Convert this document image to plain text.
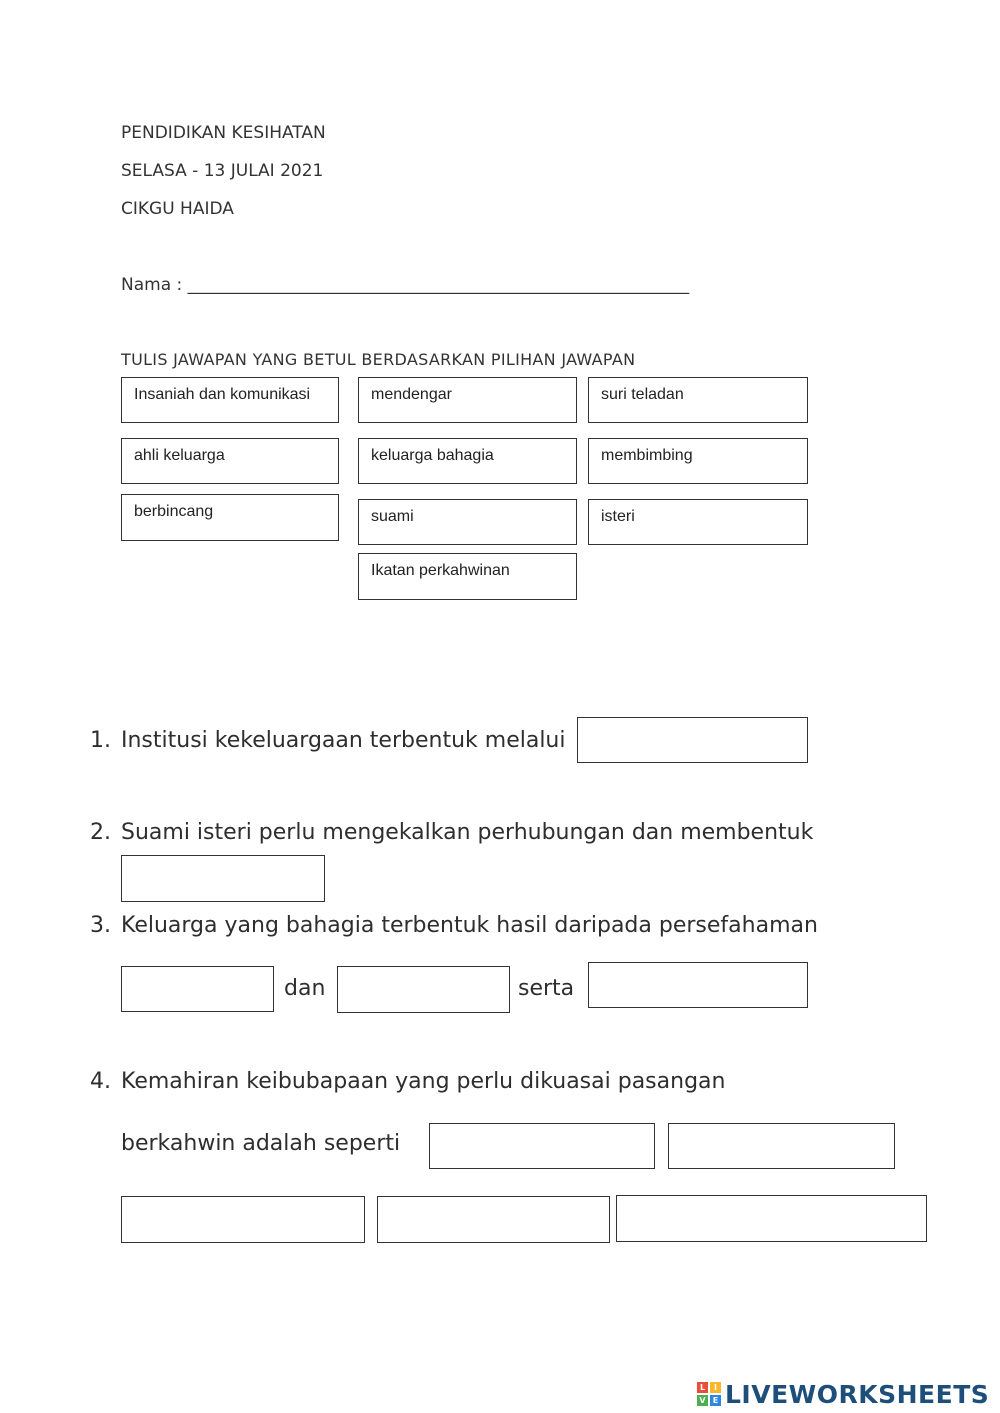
PENDIDIKAN KESIHATAN
SELASA - 13 JULAI 2021
CIKGU HAIDA
Nama : ___________________________________________________________
TULIS JAWAPAN YANG BETUL BERDASARKAN PILIHAN JAWAPAN
Insaniah dan komunikasi	mendengar	suri teladan
ahli keluarga	keluarga bahagia	membimbing
berbincang	suami	isteri
Ikatan perkahwinan
1. Institusi kekeluargaan terbentuk melalui
2. Suami isteri perlu mengekalkan perhubungan dan membentuk
3. Keluarga yang bahagia terbentuk hasil daripada persefahaman
dan	serta
4. Kemahiran keibubapaan yang perlu dikuasai pasangan
berkahwin adalah seperti
L	I
V E LIVEWORKSHEETS
